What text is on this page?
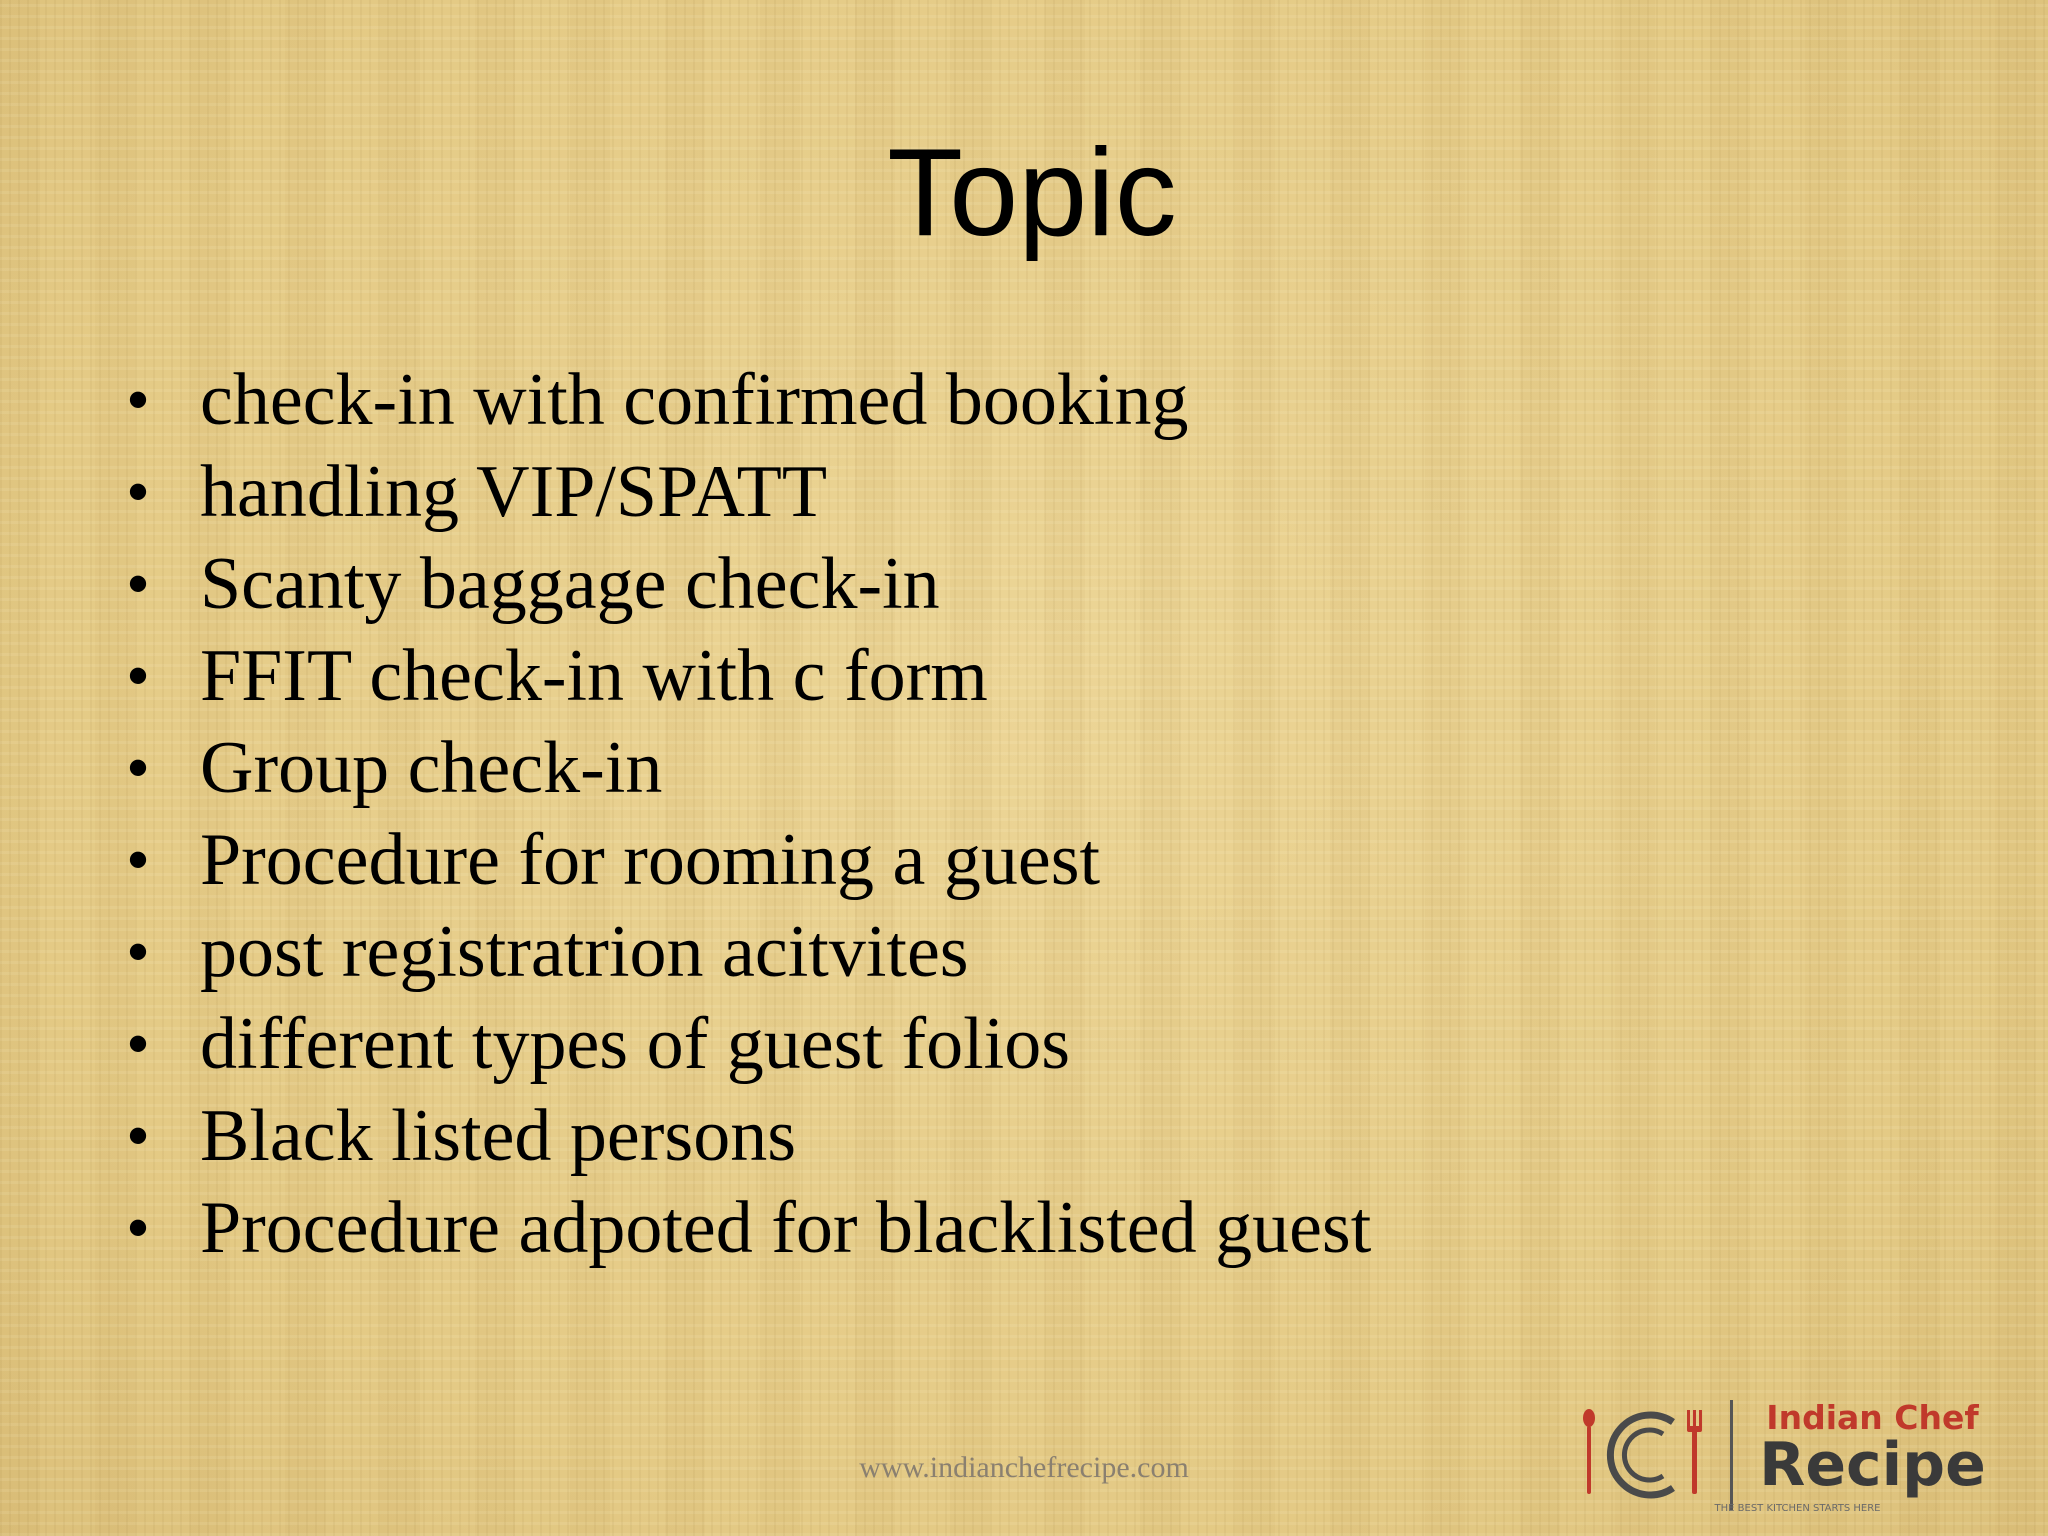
Topic
• check-in with confirmed booking
• handling VIP/SPATT
• Scanty baggage check-in
• FFIT check-in with c form
• Group check-in
• Procedure for rooming a guest
• post registratrion acitvites
• different types of guest folios
• Black listed persons
• Procedure adpoted for blacklisted guest
www.indianchefrecipe.com
Indian Chef
Recipe
THE BEST KITCHEN STARTS HERE
